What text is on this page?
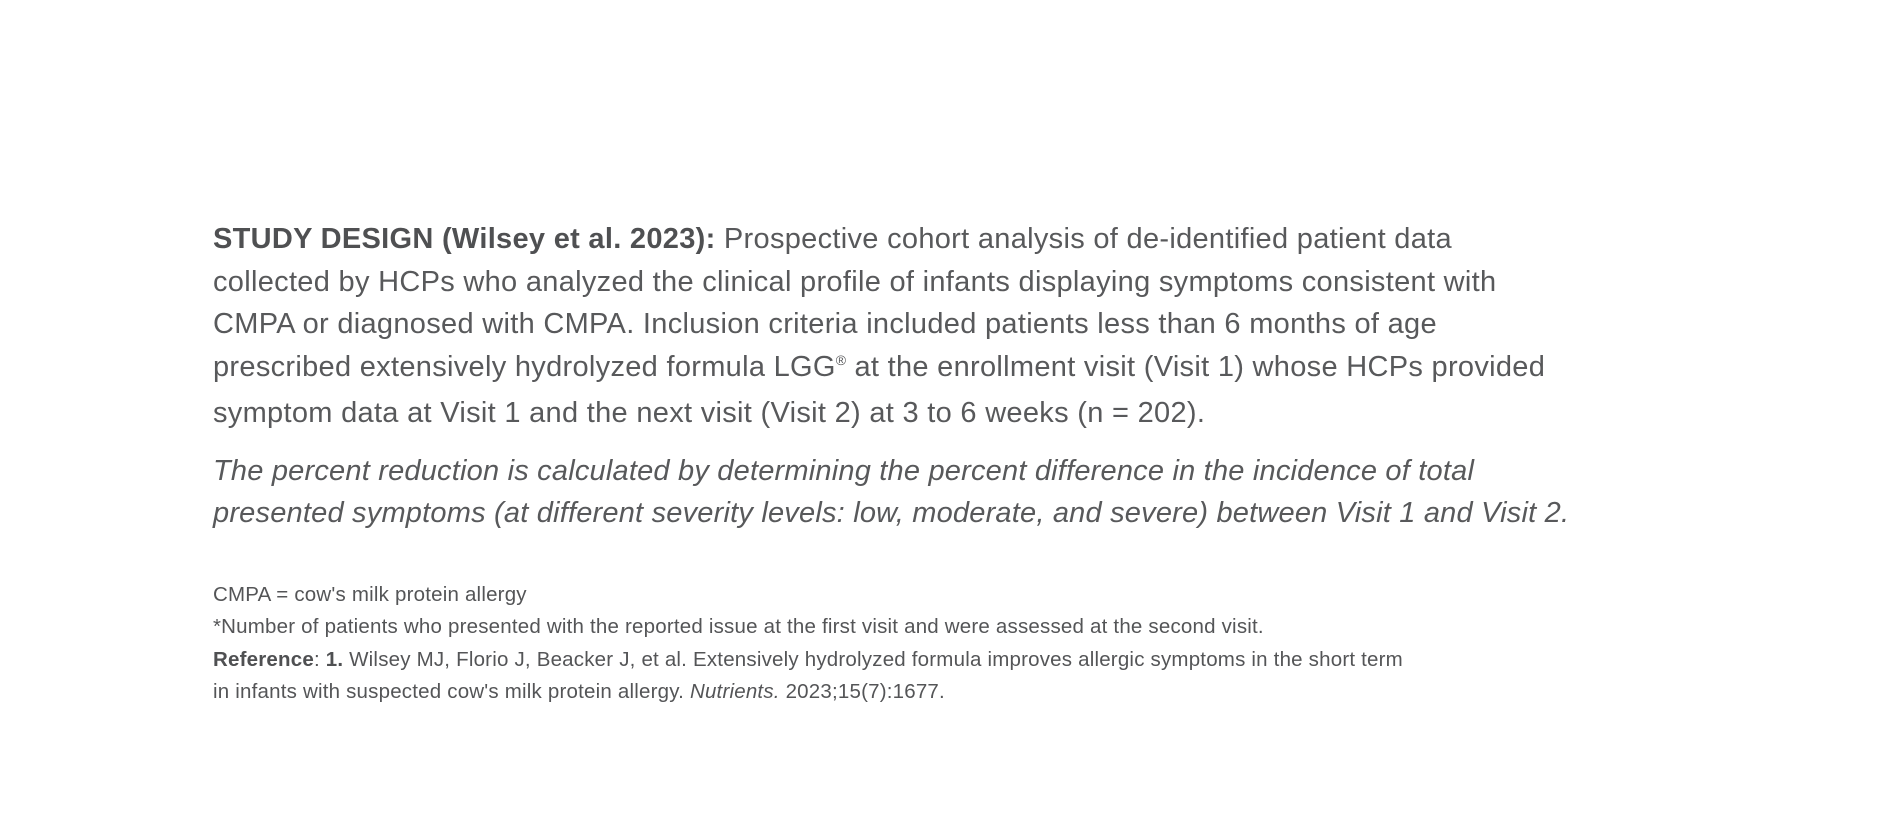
STUDY DESIGN (Wilsey et al. 2023): Prospective cohort analysis of de-identified patient data
collected by HCPs who analyzed the clinical profile of infants displaying symptoms consistent with
CMPA or diagnosed with CMPA. Inclusion criteria included patients less than 6 months of age
prescribed extensively hydrolyzed formula LGG® at the enrollment visit (Visit 1) whose HCPs provided
symptom data at Visit 1 and the next visit (Visit 2) at 3 to 6 weeks (n = 202).

The percent reduction is calculated by determining the percent difference in the incidence of total
presented symptoms (at different severity levels: low, moderate, and severe) between Visit 1 and Visit 2.

CMPA = cow's milk protein allergy
*Number of patients who presented with the reported issue at the first visit and were assessed at the second visit.
Reference: 1. Wilsey MJ, Florio J, Beacker J, et al. Extensively hydrolyzed formula improves allergic symptoms in the short term
in infants with suspected cow's milk protein allergy. Nutrients. 2023;15(7):1677.
